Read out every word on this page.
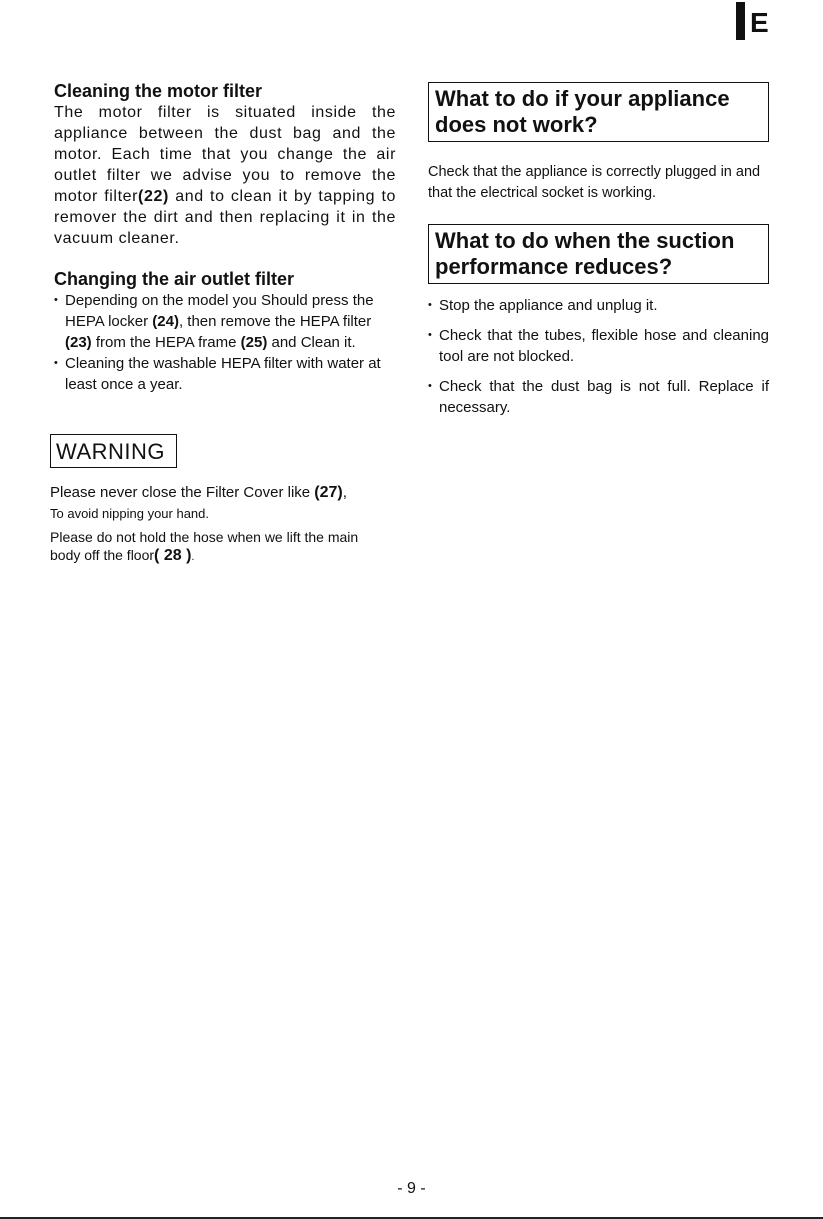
E
Cleaning the motor filter

The motor filter is situated inside the appliance between the dust bag and the motor. Each time that you change the air outlet filter we advise you to remove the motor filter(22) and to clean it by tapping to remover the dirt and then replacing it in the vacuum cleaner.

Changing the air outlet filter
• Depending on the model you Should press the HEPA locker (24), then remove the HEPA filter (23) from the HEPA frame (25) and Clean it.
• Cleaning the washable HEPA filter with water at least once a year.
WARNING

Please never close the Filter Cover like (27),

To avoid nipping your hand.

Please do not hold the hose when we lift the main body off the floor( 28 ).

What to do if your appliance does not work?

Check that the appliance is correctly plugged in and that the electrical socket is working.

What to do when the suction performance reduces?
• Stop the appliance and unplug it.
• Check that the tubes, flexible hose and cleaning tool are not blocked.
• Check that the dust bag is not full. Replace if necessary.
- 9 -
